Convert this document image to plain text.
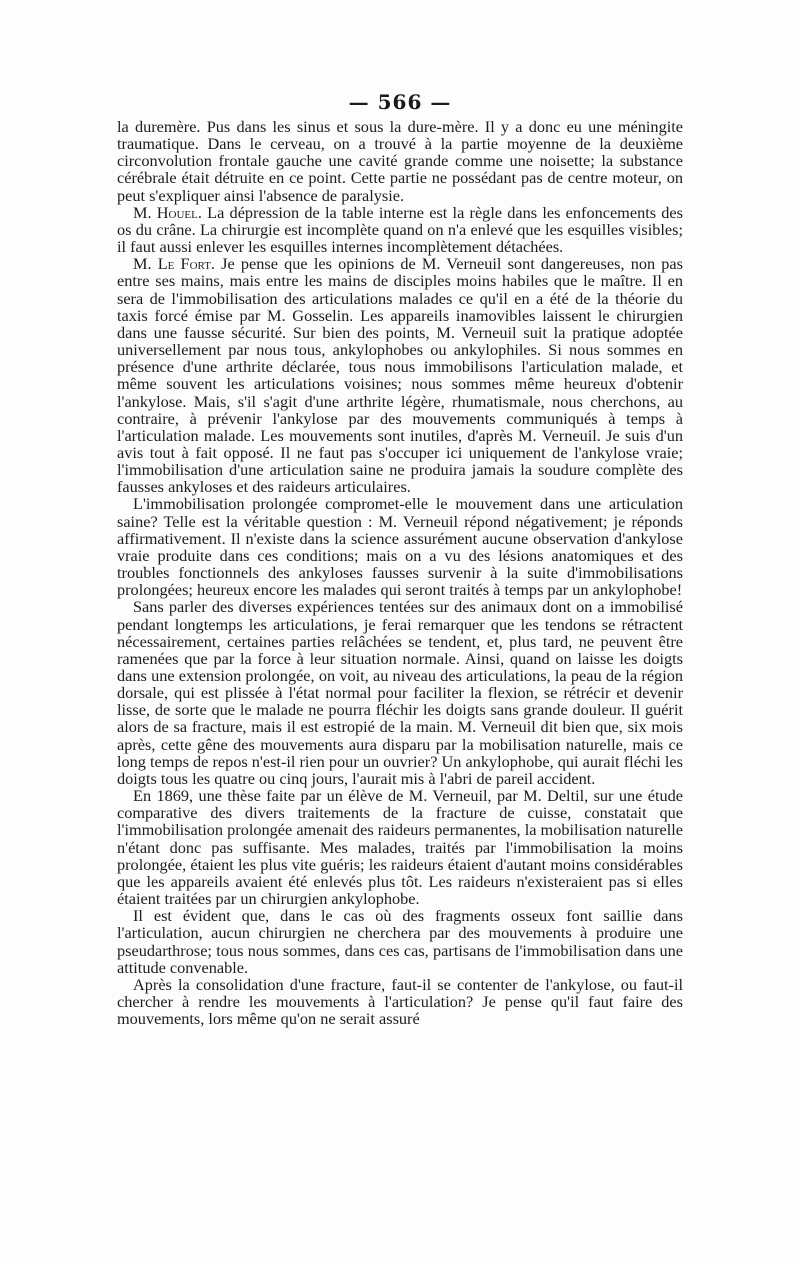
— 566 —

la duremère. Pus dans les sinus et sous la dure-mère. Il y a donc eu une méningite traumatique. Dans le cerveau, on a trouvé à la partie moyenne de la deuxième circonvolution frontale gauche une cavité grande comme une noisette; la substance cérébrale était détruite en ce point. Cette partie ne possédant pas de centre moteur, on peut s'expliquer ainsi l'absence de paralysie.

M. Houel. La dépression de la table interne est la règle dans les enfoncements des os du crâne. La chirurgie est incomplète quand on n'a enlevé que les esquilles visibles; il faut aussi enlever les esquilles internes incomplètement détachées.

M. Le Fort. Je pense que les opinions de M. Verneuil sont dangereuses, non pas entre ses mains, mais entre les mains de disciples moins habiles que le maître. Il en sera de l'immobilisation des articulations malades ce qu'il en a été de la théorie du taxis forcé émise par M. Gosselin. Les appareils inamovibles laissent le chirurgien dans une fausse sécurité. Sur bien des points, M. Verneuil suit la pratique adoptée universellement par nous tous, ankylophobes ou ankylophiles. Si nous sommes en présence d'une arthrite déclarée, tous nous immobilisons l'articulation malade, et même souvent les articulations voisines; nous sommes même heureux d'obtenir l'ankylose. Mais, s'il s'agit d'une arthrite légère, rhumatismale, nous cherchons, au contraire, à prévenir l'ankylose par des mouvements communiqués à temps à l'articulation malade. Les mouvements sont inutiles, d'après M. Verneuil. Je suis d'un avis tout à fait opposé. Il ne faut pas s'occuper ici uniquement de l'ankylose vraie; l'immobilisation d'une articulation saine ne produira jamais la soudure complète des fausses ankyloses et des raideurs articulaires.

L'immobilisation prolongée compromet-elle le mouvement dans une articulation saine? Telle est la véritable question : M. Verneuil répond négativement; je réponds affirmativement. Il n'existe dans la science assurément aucune observation d'ankylose vraie produite dans ces conditions; mais on a vu des lésions anatomiques et des troubles fonctionnels des ankyloses fausses survenir à la suite d'immobilisations prolongées; heureux encore les malades qui seront traités à temps par un ankylophobe!

Sans parler des diverses expériences tentées sur des animaux dont on a immobilisé pendant longtemps les articulations, je ferai remarquer que les tendons se rétractent nécessairement, certaines parties relâchées se tendent, et, plus tard, ne peuvent être ramenées que par la force à leur situation normale. Ainsi, quand on laisse les doigts dans une extension prolongée, on voit, au niveau des articulations, la peau de la région dorsale, qui est plissée à l'état normal pour faciliter la flexion, se rétrécir et devenir lisse, de sorte que le malade ne pourra fléchir les doigts sans grande douleur. Il guérit alors de sa fracture, mais il est estropié de la main. M. Verneuil dit bien que, six mois après, cette gêne des mouvements aura disparu par la mobilisation naturelle, mais ce long temps de repos n'est-il rien pour un ouvrier? Un ankylophobe, qui aurait fléchi les doigts tous les quatre ou cinq jours, l'aurait mis à l'abri de pareil accident.

En 1869, une thèse faite par un élève de M. Verneuil, par M. Deltil, sur une étude comparative des divers traitements de la fracture de cuisse, constatait que l'immobilisation prolongée amenait des raideurs permanentes, la mobilisation naturelle n'étant donc pas suffisante. Mes malades, traités par l'immobilisation la moins prolongée, étaient les plus vite guéris; les raideurs étaient d'autant moins considérables que les appareils avaient été enlevés plus tôt. Les raideurs n'existeraient pas si elles étaient traitées par un chirurgien ankylophobe.

Il est évident que, dans le cas où des fragments osseux font saillie dans l'articulation, aucun chirurgien ne cherchera par des mouvements à produire une pseudarthrose; tous nous sommes, dans ces cas, partisans de l'immobilisation dans une attitude convenable.

Après la consolidation d'une fracture, faut-il se contenter de l'ankylose, ou faut-il chercher à rendre les mouvements à l'articulation? Je pense qu'il faut faire des mouvements, lors même qu'on ne serait assuré
